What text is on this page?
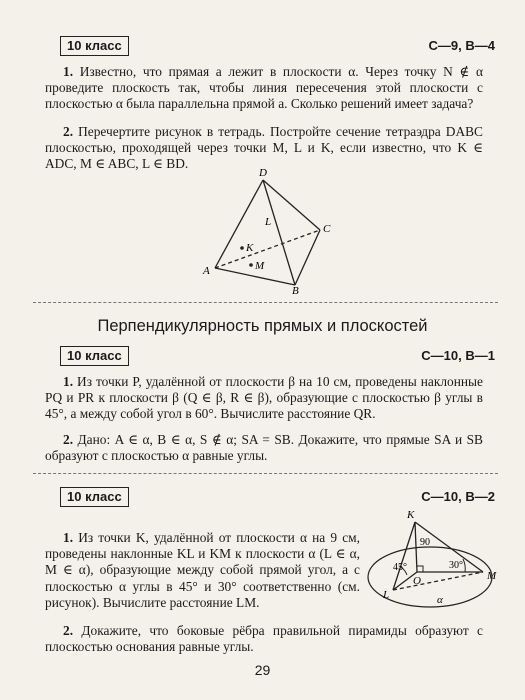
10 класс	С—9, В—4

1. Известно, что прямая a лежит в плоскости α. Через точку N ∉ α проведите плоскость так, чтобы линия пересечения этой плоскости с плоскостью α была параллельна прямой a. Сколько решений имеет задача?

2. Перечертите рисунок в тетрадь. Постройте сечение тетраэдра DABC плоскостью, проходящей через точки M, L и K, если известно, что K ∈ ADC, M ∈ ABC, L ∈ BD.

D
C
A
B
L
K
M
Перпендикулярность прямых и плоскостей
10 класс	С—10, В—1

1. Из точки P, удалённой от плоскости β на 10 см, проведены наклонные PQ и PR к плоскости β (Q ∈ β, R ∈ β), образующие с плоскостью β углы в 45°, а между собой угол в 60°. Вычислите расстояние QR.

2. Дано: A ∈ α, B ∈ α, S ∉ α; SA = SB. Докажите, что прямые SA и SB образуют с плоскостью α равные углы.

10 класс	С—10, В—2

1. Из точки K, удалённой от плоскости α на 9 см, проведены наклонные KL и KM к плоскости α (L ∈ α, M ∈ α), образующие между собой прямой угол, а с плоскостью α углы в 45° и 30° соответственно (см. рисунок). Вычислите расстояние LM.

K
O	M
L	α
90
45°	30°

2. Докажите, что боковые рёбра правильной пирамиды образуют с плоскостью основания равные углы.

29
